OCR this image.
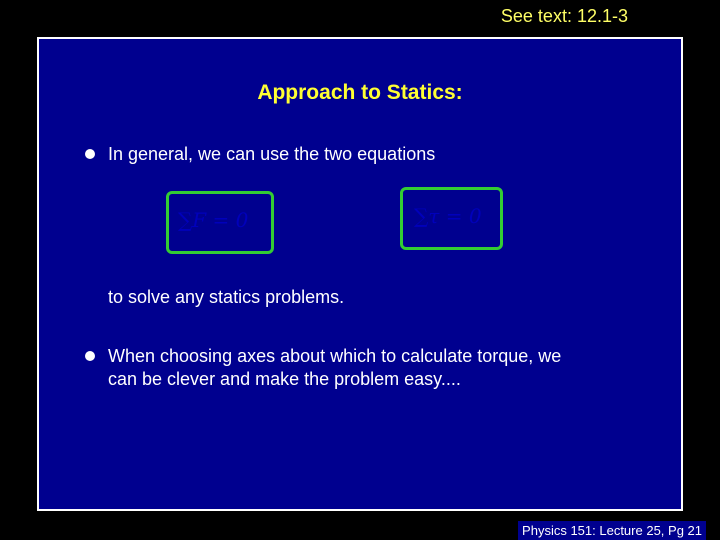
See text: 12.1-3
Approach to Statics:
In general, we can use the two equations
∑F = 0	∑τ = 0
to solve any statics problems.
When choosing axes about which to calculate torque, we
can be clever and make the problem easy....
Physics 151: Lecture 25, Pg 21
